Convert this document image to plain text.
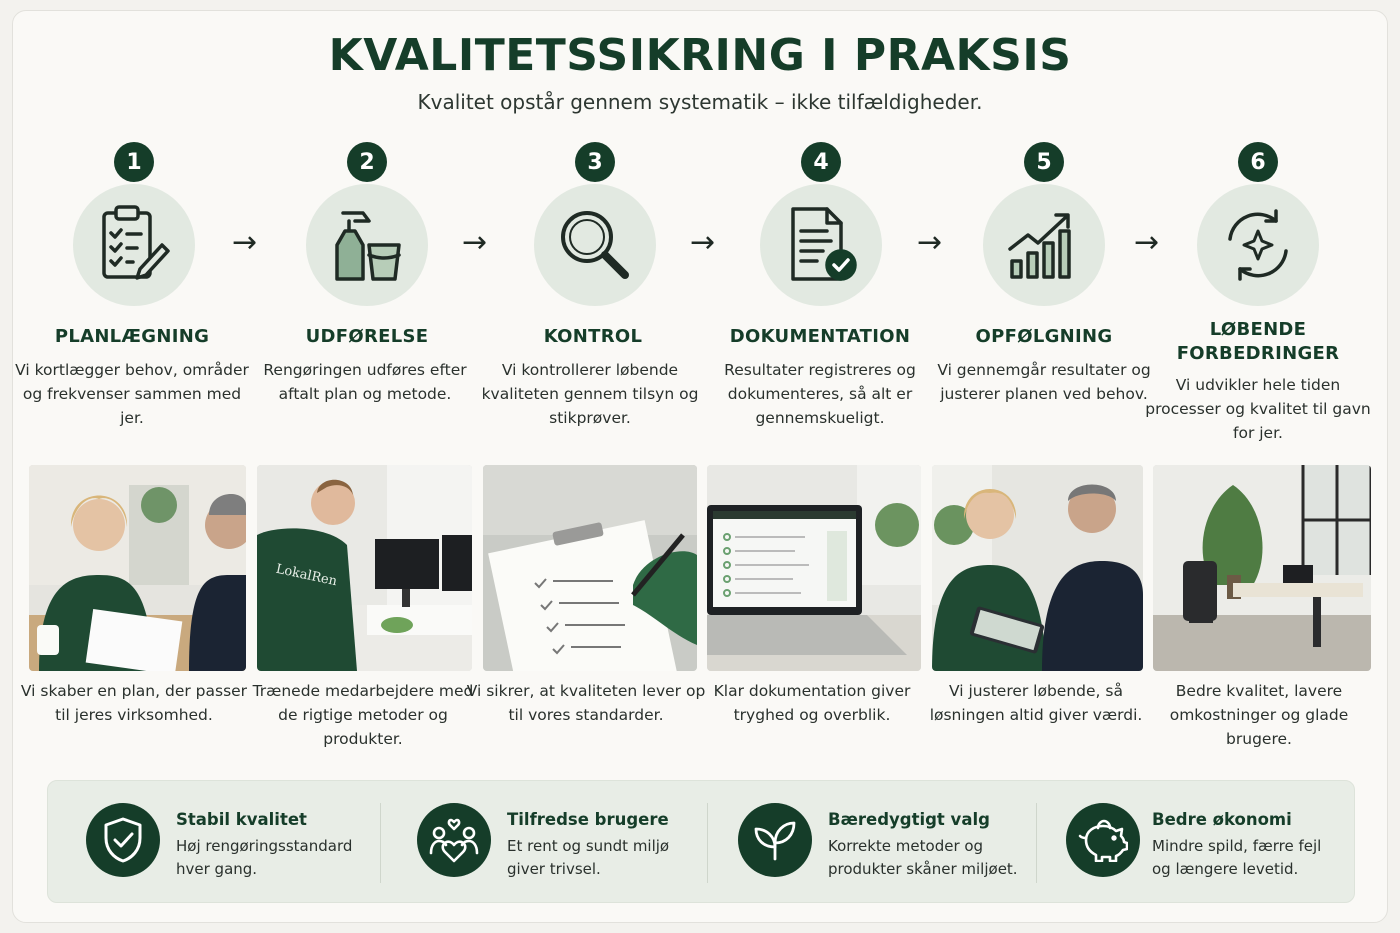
KVALITETSSIKRING I PRAKSIS

Kvalitet opstår gennem systematik – ikke tilfældigheder.

1
PLANLÆGNING
Vi kortlægger behov, områder og frekvenser sammen med jer.
→
2
UDFØRELSE
Rengøringen udføres efter aftalt plan og metode.
→
3
KONTROL
Vi kontrollerer løbende kvaliteten gennem tilsyn og stikprøver.
→
4
DOKUMENTATION
Resultater registreres og dokumenteres, så alt er gennemskueligt.
→
5
OPFØLGNING
Vi gennemgår resultater og justerer planen ved behov.
→
6
LØBENDE FORBEDRINGER
Vi udvikler hele tiden processer og kvalitet til gavn for jer.
LokalRen
Vi skaber en plan, der passer til jeres virksomhed.
Trænede medarbejdere med de rigtige metoder og produkter.
Vi sikrer, at kvaliteten lever op til vores standarder.
Klar dokumentation giver tryghed og overblik.
Vi justerer løbende, så løsningen altid giver værdi.
Bedre kvalitet, lavere omkostninger og glade brugere.
Stabil kvalitet
Høj rengøringsstandard hver gang.
Tilfredse brugere
Et rent og sundt miljø giver trivsel.
Bæredygtigt valg
Korrekte metoder og produkter skåner miljøet.
Bedre økonomi
Mindre spild, færre fejl og længere levetid.
